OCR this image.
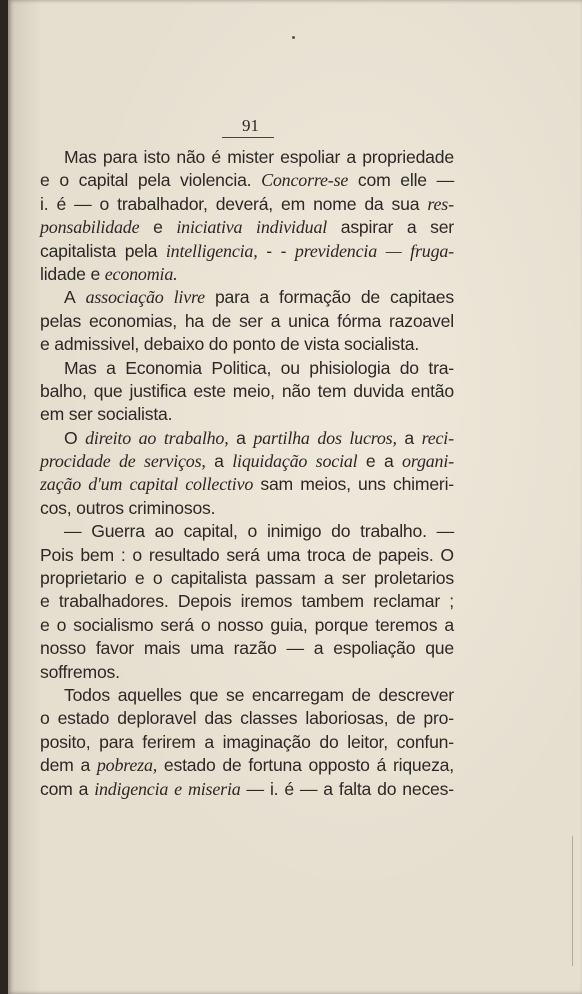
91
Mas para isto não é mister espoliar a propriedade
e o capital pela violencia. Concorre-se com elle —
i. é — o trabalhador, deverá, em nome da sua res-
ponsabilidade e iniciativa individual aspirar a ser
capitalista pela intelligencia, - - previdencia — fruga-
lidade e economia.
A associação livre para a formação de capitaes
pelas economias, ha de ser a unica fórma razoavel
e admissivel, debaixo do ponto de vista socialista.
Mas a Economia Politica, ou phisiologia do tra-
balho, que justifica este meio, não tem duvida então
em ser socialista.
O direito ao trabalho, a partilha dos lucros, a reci-
procidade de serviços, a liquidação social e a organi-
zação d'um capital collectivo sam meios, uns chimeri-
cos, outros criminosos.
— Guerra ao capital, o inimigo do trabalho. —
Pois bem : o resultado será uma troca de papeis. O
proprietario e o capitalista passam a ser proletarios
e trabalhadores. Depois iremos tambem reclamar ;
e o socialismo será o nosso guia, porque teremos a
nosso favor mais uma razão — a espoliação que
soffremos.
Todos aquelles que se encarregam de descrever
o estado deploravel das classes laboriosas, de pro-
posito, para ferirem a imaginação do leitor, confun-
dem a pobreza, estado de fortuna opposto á riqueza,
com a indigencia e miseria — i. é — a falta do neces-
